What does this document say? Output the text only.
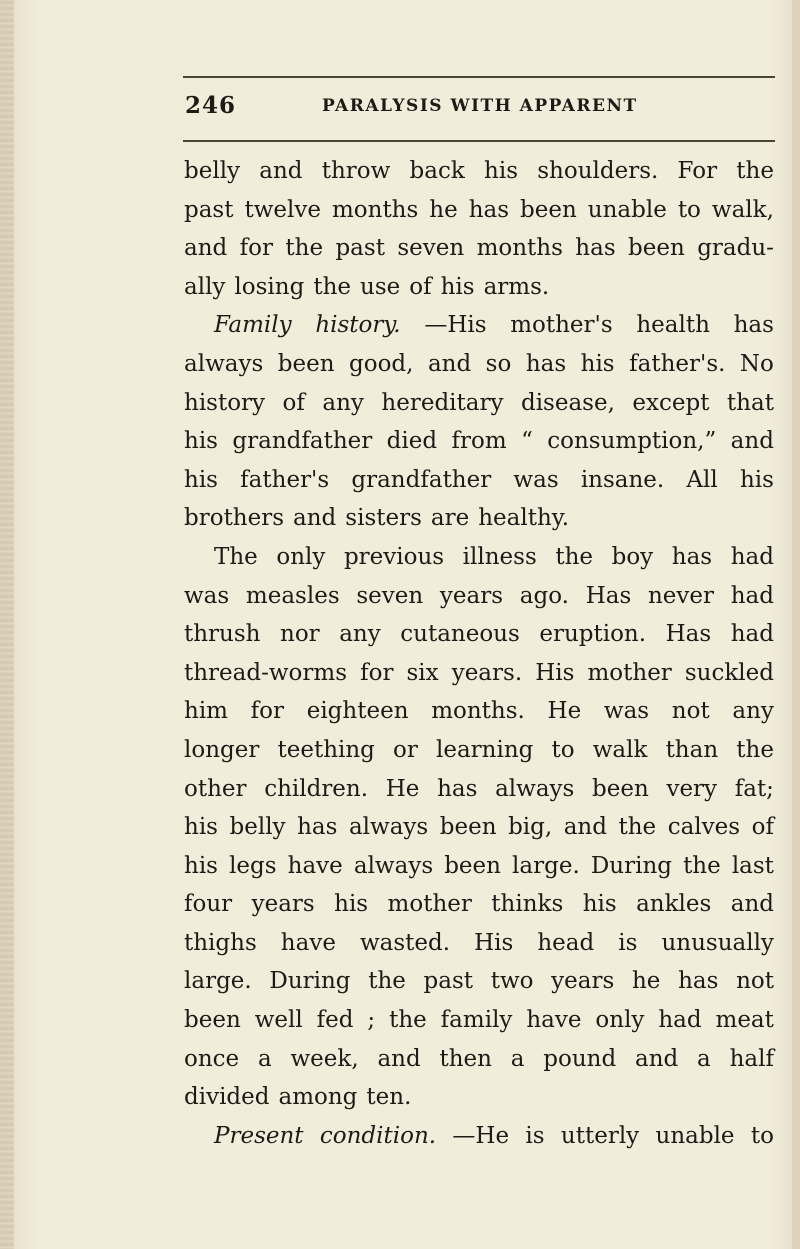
246	PARALYSIS WITH APPARENT
belly and throw back his shoulders. For the
past twelve months he has been unable to walk,
and for the past seven months has been gradu-
ally losing the use of his arms.
Family history. —His mother's health has
always been good, and so has his father's. No
history of any hereditary disease, except that
his grandfather died from “ consumption,” and
his father's grandfather was insane. All his
brothers and sisters are healthy.
The only previous illness the boy has had
was measles seven years ago. Has never had
thrush nor any cutaneous eruption. Has had
thread-worms for six years. His mother suckled
him for eighteen months. He was not any
longer teething or learning to walk than the
other children. He has always been very fat;
his belly has always been big, and the calves of
his legs have always been large. During the last
four years his mother thinks his ankles and
thighs have wasted. His head is unusually
large. During the past two years he has not
been well fed ; the family have only had meat
once a week, and then a pound and a half
divided among ten.
Present condition. —He is utterly unable to
